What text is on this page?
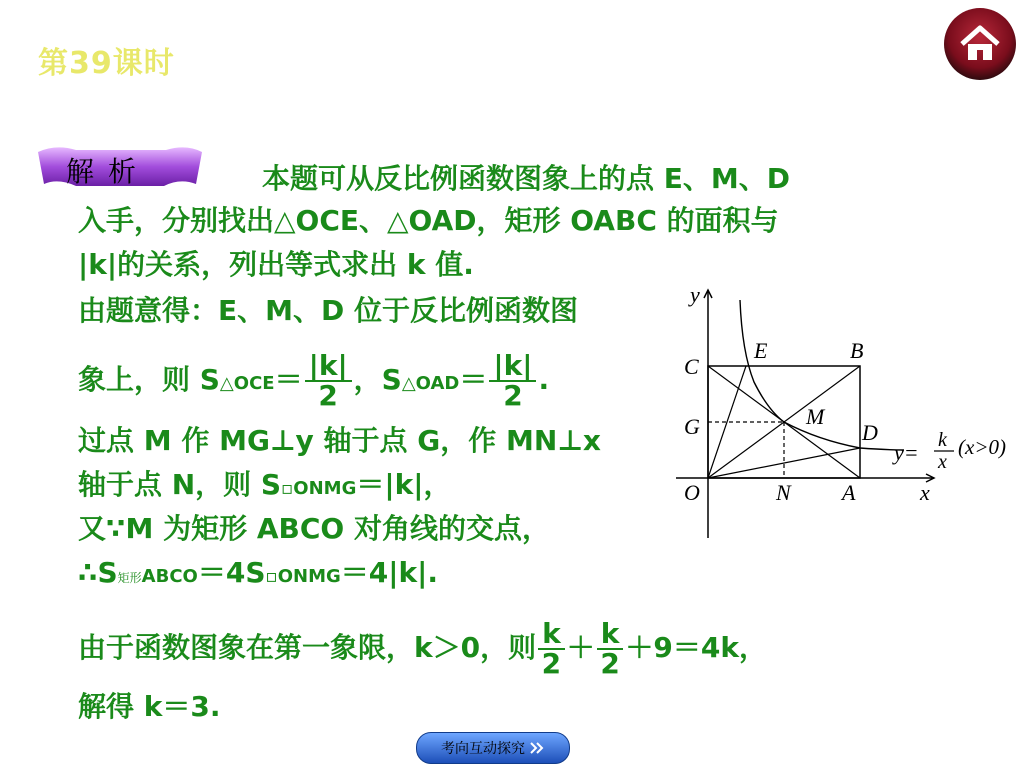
第39课时
解析	本题可从反比例函数图象上的点 E、M、D
入手，分别找出△OCE、△OAD，矩形 OABC 的面积与
|k|的关系，列出等式求出 k 值.
由题意得：E、M、D 位于反比例函数图
象上，则 S△OCE＝ $\frac{|k|}{2}$ ，S△OAD＝ $\frac{|k|}{2}$ .
过点 M 作 MG⊥y 轴于点 G，作 MN⊥x
轴于点 N，则 S▫ONMG＝|k|，
又∵M 为矩形 ABCO 对角线的交点，
∴S矩形ABCO＝4S▫ONMG＝4|k|.
由于函数图象在第一象限，k＞0，则 $\frac{k}{2} + \frac{k}{2} +9=4k$，
解得 k＝3.
y
x
C
E	B
G	M
D
O	N A
y= k
x
(x>0)
考向互动探究
